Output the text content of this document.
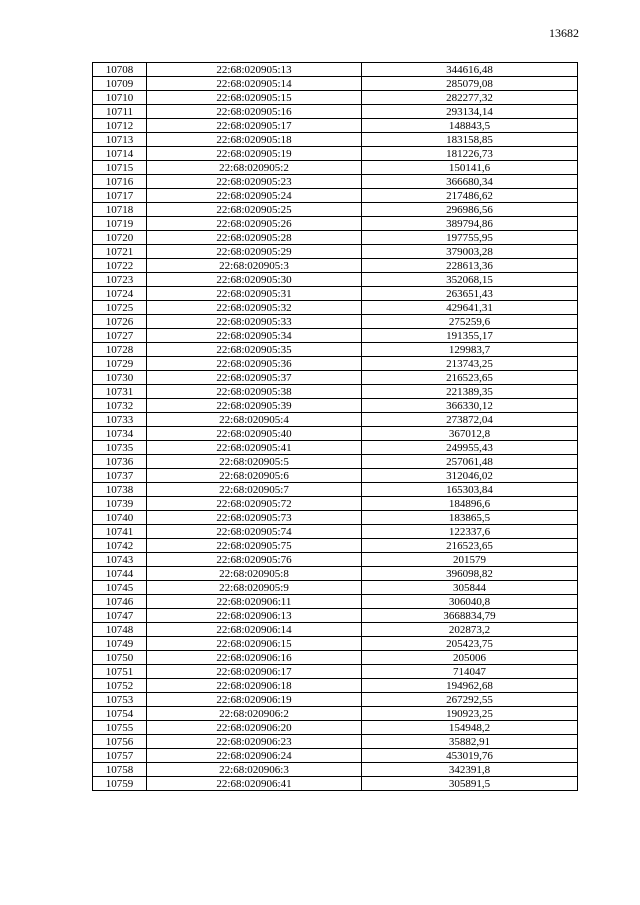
13682
10708	22:68:020905:13	344616,48
10709	22:68:020905:14	285079,08
10710	22:68:020905:15	282277,32
10711	22:68:020905:16	293134,14
10712	22:68:020905:17	148843,5
10713	22:68:020905:18	183158,85
10714	22:68:020905:19	181226,73
10715	22:68:020905:2	150141,6
10716	22:68:020905:23	366680,34
10717	22:68:020905:24	217486,62
10718	22:68:020905:25	296986,56
10719	22:68:020905:26	389794,86
10720	22:68:020905:28	197755,95
10721	22:68:020905:29	379003,28
10722	22:68:020905:3	228613,36
10723	22:68:020905:30	352068,15
10724	22:68:020905:31	263651,43
10725	22:68:020905:32	429641,31
10726	22:68:020905:33	275259,6
10727	22:68:020905:34	191355,17
10728	22:68:020905:35	129983,7
10729	22:68:020905:36	213743,25
10730	22:68:020905:37	216523,65
10731	22:68:020905:38	221389,35
10732	22:68:020905:39	366330,12
10733	22:68:020905:4	273872,04
10734	22:68:020905:40	367012,8
10735	22:68:020905:41	249955,43
10736	22:68:020905:5	257061,48
10737	22:68:020905:6	312046,02
10738	22:68:020905:7	165303,84
10739	22:68:020905:72	184896,6
10740	22:68:020905:73	183865,5
10741	22:68:020905:74	122337,6
10742	22:68:020905:75	216523,65
10743	22:68:020905:76	201579
10744	22:68:020905:8	396098,82
10745	22:68:020905:9	305844
10746	22:68:020906:11	306040,8
10747	22:68:020906:13	3668834,79
10748	22:68:020906:14	202873,2
10749	22:68:020906:15	205423,75
10750	22:68:020906:16	205006
10751	22:68:020906:17	714047
10752	22:68:020906:18	194962,68
10753	22:68:020906:19	267292,55
10754	22:68:020906:2	190923,25
10755	22:68:020906:20	154948,2
10756	22:68:020906:23	35882,91
10757	22:68:020906:24	453019,76
10758	22:68:020906:3	342391,8
10759	22:68:020906:41	305891,5
